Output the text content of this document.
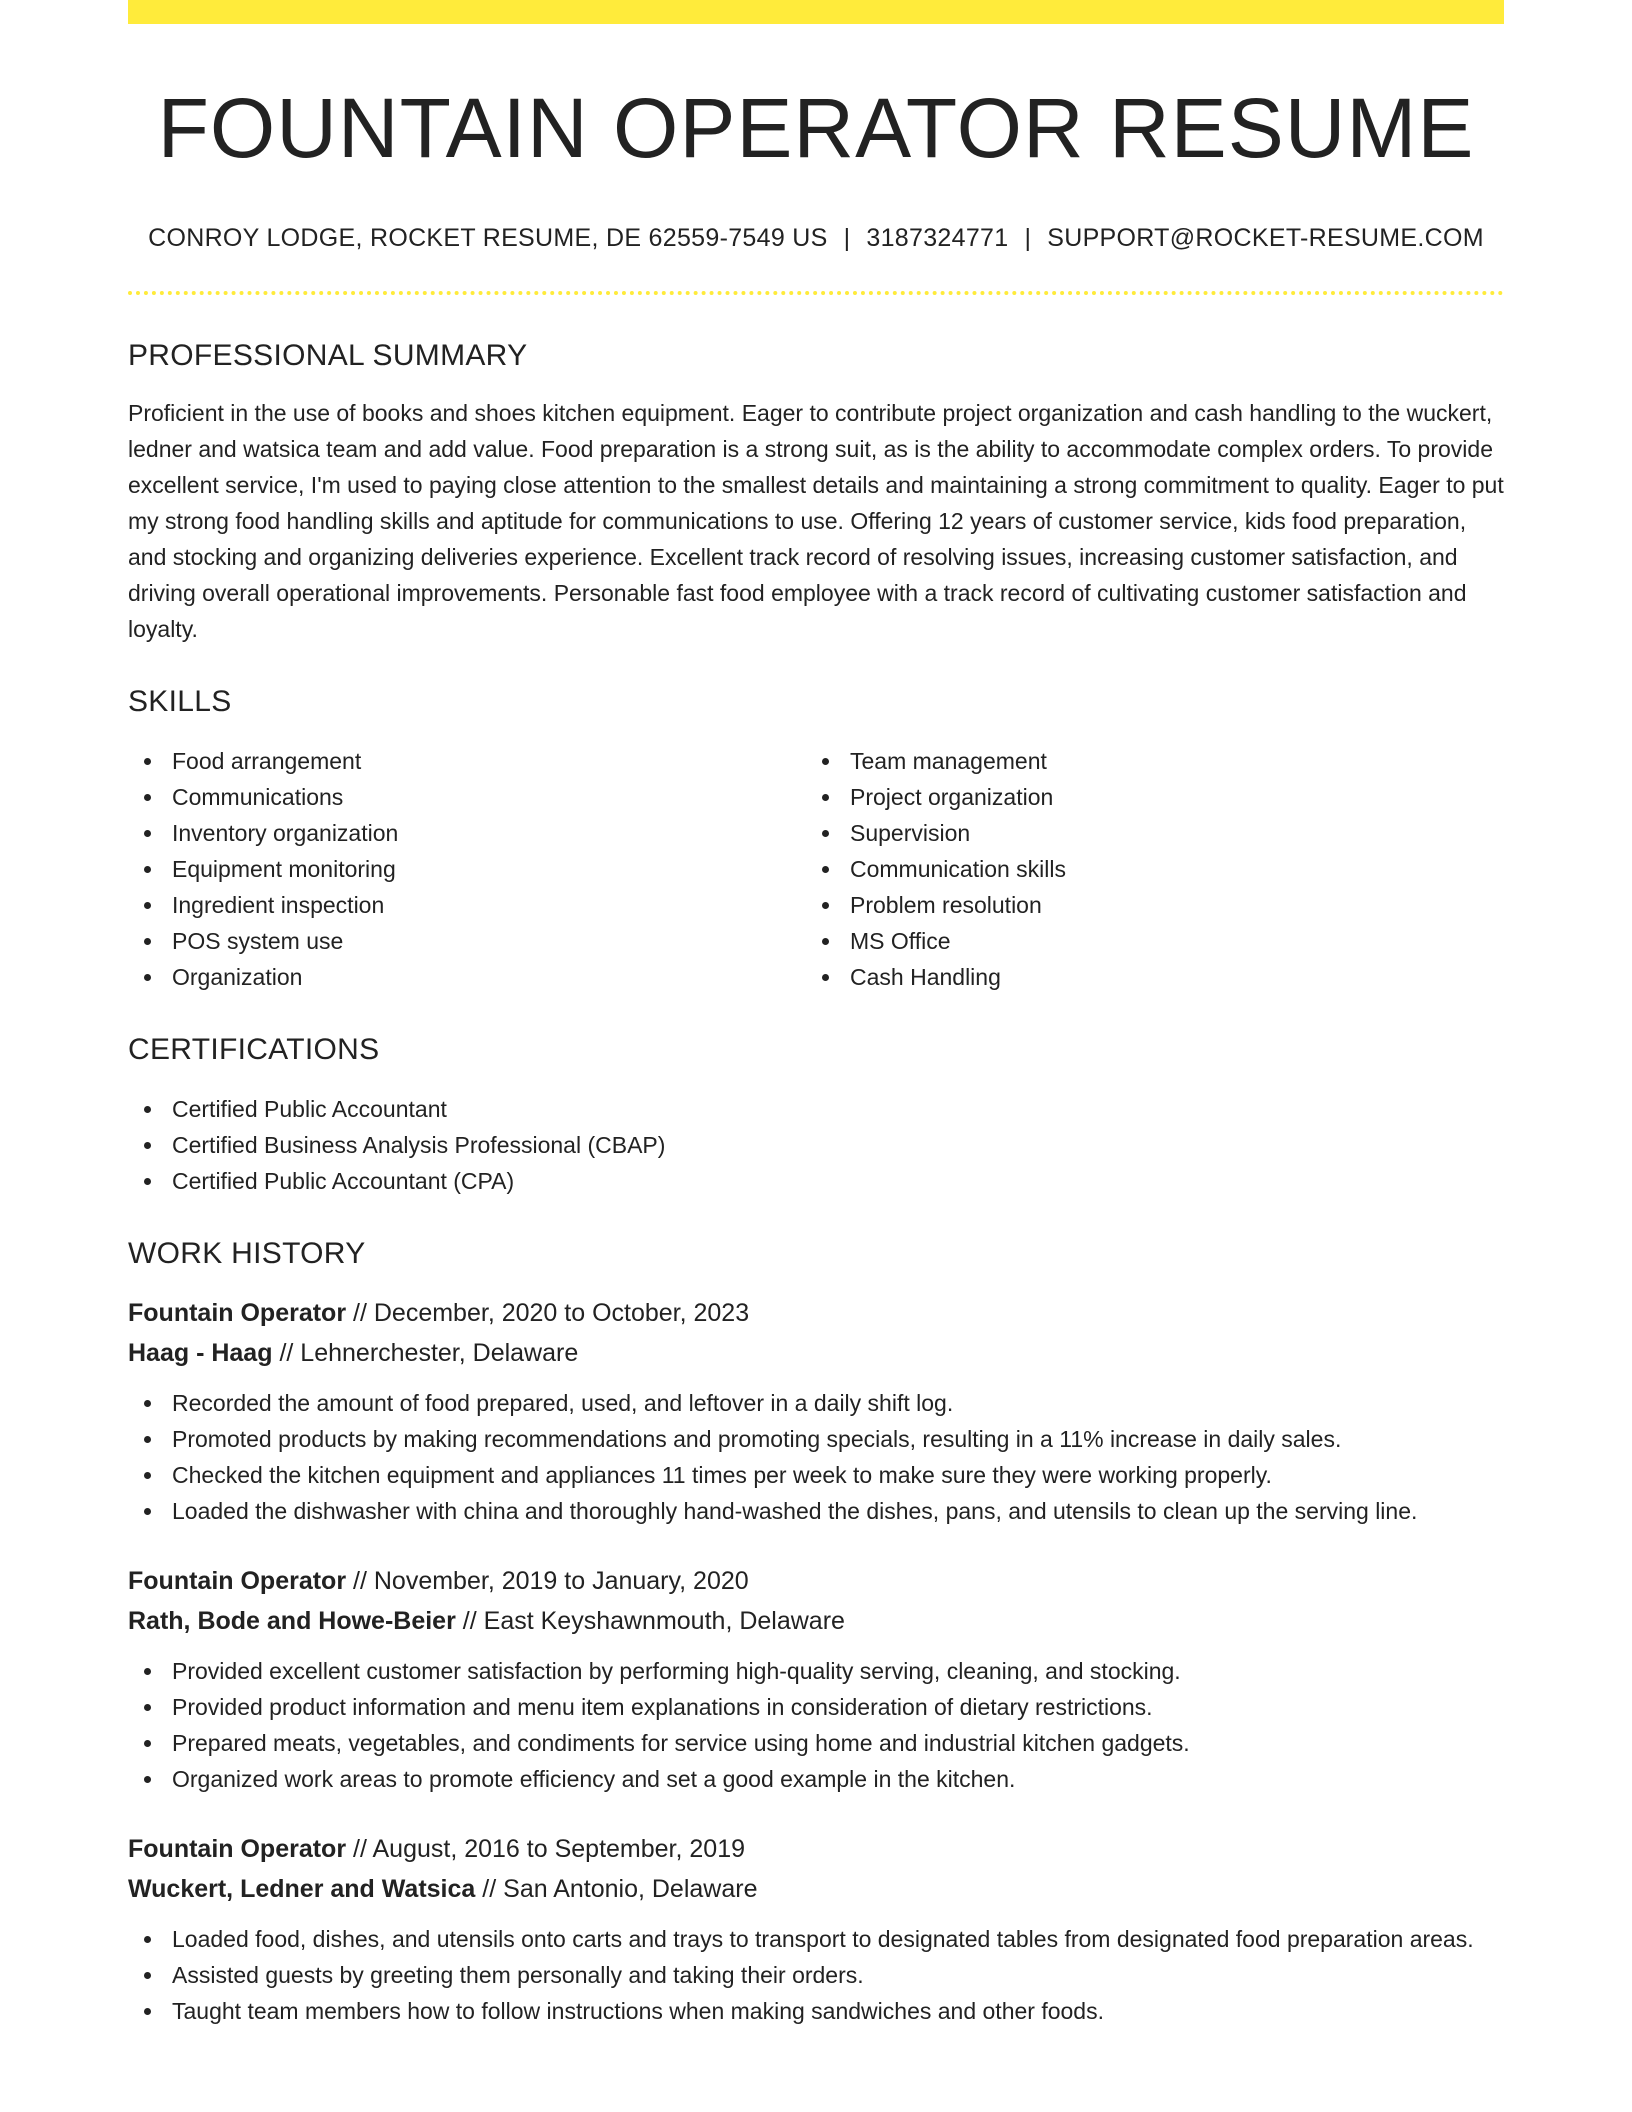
FOUNTAIN OPERATOR RESUME
CONROY LODGE, ROCKET RESUME, DE 62559-7549 US | 3187324771 | SUPPORT@ROCKET-RESUME.COM
PROFESSIONAL SUMMARY

Proficient in the use of books and shoes kitchen equipment. Eager to contribute project organization and cash handling to the wuckert, ledner and watsica team and add value. Food preparation is a strong suit, as is the ability to accommodate complex orders. To provide excellent service, I'm used to paying close attention to the smallest details and maintaining a strong commitment to quality. Eager to put my strong food handling skills and aptitude for communications to use. Offering 12 years of customer service, kids food preparation, and stocking and organizing deliveries experience. Excellent track record of resolving issues, increasing customer satisfaction, and driving overall operational improvements. Personable fast food employee with a track record of cultivating customer satisfaction and loyalty.

SKILLS
Food arrangement
Communications
Inventory organization
Equipment monitoring
Ingredient inspection
POS system use
Organization
Team management
Project organization
Supervision
Communication skills
Problem resolution
MS Office
Cash Handling
CERTIFICATIONS
Certified Public Accountant
Certified Business Analysis Professional (CBAP)
Certified Public Accountant (CPA)
WORK HISTORY
Fountain Operator // December, 2020 to October, 2023
Haag - Haag // Lehnerchester, Delaware
Recorded the amount of food prepared, used, and leftover in a daily shift log.
Promoted products by making recommendations and promoting specials, resulting in a 11% increase in daily sales.
Checked the kitchen equipment and appliances 11 times per week to make sure they were working properly.
Loaded the dishwasher with china and thoroughly hand-washed the dishes, pans, and utensils to clean up the serving line.
Fountain Operator // November, 2019 to January, 2020
Rath, Bode and Howe-Beier // East Keyshawnmouth, Delaware
Provided excellent customer satisfaction by performing high-quality serving, cleaning, and stocking.
Provided product information and menu item explanations in consideration of dietary restrictions.
Prepared meats, vegetables, and condiments for service using home and industrial kitchen gadgets.
Organized work areas to promote efficiency and set a good example in the kitchen.
Fountain Operator // August, 2016 to September, 2019
Wuckert, Ledner and Watsica // San Antonio, Delaware
Loaded food, dishes, and utensils onto carts and trays to transport to designated tables from designated food preparation areas.
Assisted guests by greeting them personally and taking their orders.
Taught team members how to follow instructions when making sandwiches and other foods.
